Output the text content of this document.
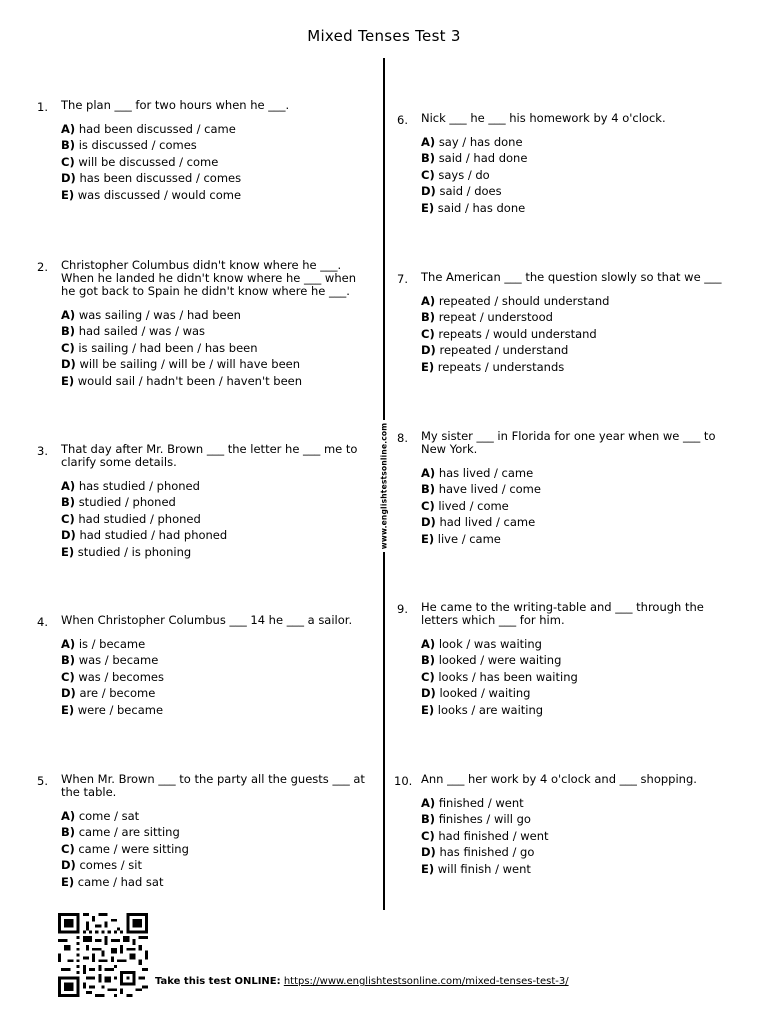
Mixed Tenses Test 3
www.englishtestsonline.com
1. The plan ___ for two hours when he ___.
A) had been discussed / came
B) is discussed / comes
C) will be discussed / come
D) has been discussed / comes
E) was discussed / would come
2. Christopher Columbus didn't know where he ___. When he landed he didn't know where he ___ when he got back to Spain he didn't know where he ___.
A) was sailing / was / had been
B) had sailed / was / was
C) is sailing / had been / has been
D) will be sailing / will be / will have been
E) would sail / hadn't been / haven't been
3. That day after Mr. Brown ___ the letter he ___ me to clarify some details.
A) has studied / phoned
B) studied / phoned
C) had studied / phoned
D) had studied / had phoned
E) studied / is phoning
4. When Christopher Columbus ___ 14 he ___ a sailor.
A) is / became
B) was / became
C) was / becomes
D) are / become
E) were / became
5. When Mr. Brown ___ to the party all the guests ___ at the table.
A) come / sat
B) came / are sitting
C) came / were sitting
D) comes / sit
E) came / had sat
6. Nick ___ he ___ his homework by 4 o'clock.
A) say / has done
B) said / had done
C) says / do
D) said / does
E) said / has done
7. The American ___ the question slowly so that we ___
A) repeated / should understand
B) repeat / understood
C) repeats / would understand
D) repeated / understand
E) repeats / understands
8. My sister ___ in Florida for one year when we ___ to New York.
A) has lived / came
B) have lived / come
C) lived / come
D) had lived / came
E) live / came
9. He came to the writing-table and ___ through the letters which ___ for him.
A) look / was waiting
B) looked / were waiting
C) looks / has been waiting
D) looked / waiting
E) looks / are waiting
10. Ann ___ her work by 4 o'clock and ___ shopping.
A) finished / went
B) finishes / will go
C) had finished / went
D) has finished / go
E) will finish / went
Take this test ONLINE: https://www.englishtestsonline.com/mixed-tenses-test-3/
